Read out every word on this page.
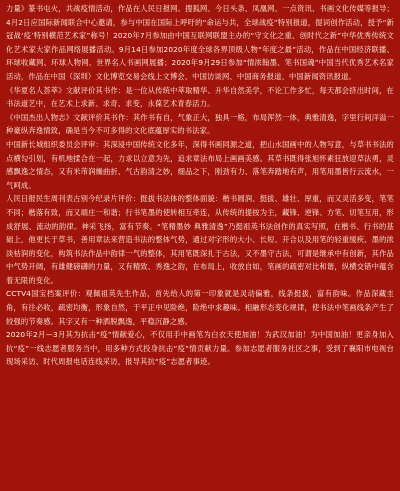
力量》篆书屯火，共战疫情活动，作品在人民日报网、搜狐网、今日头条、凤凰网、一点资讯、书画文化传媒等报导；4月2日应国际新闻联合中心邀请，参与中国在国际上呼吁的“命运与共，全球战疫”特别报道，提词创作活动，授予“新冠战‘疫’特别横范艺术家”称号！2020年7月参加由中国互联网联盟主办的“守文化之重、创时代之新”中华优秀传统文化艺术家大家作品网络展播活动。9月14日参加2020年度全球各界顶级人物“年度之最”活动，作品在中国经济联播、环球收藏网、环球人物网、世界名人书画网展播；2020年9月29日参加“情浓翰墨、笔书国魂”中国当代优秀艺术名家活动，作品在中国（深圳）文化博览交易会线上文博会、中国访谈网、中国商务报道、中国新闻资讯报道。

《华夏名人荟萃》文献评价其书作：是一位从传统中萃取精华、升华自然美学，不论工作多忙，每天都会挤出时间，在书法道艺中，在艺术上求新、求奇、求变，永葆艺术青春活力。

《中国杰出人物志》文献评价其书作：其作书有自，气象正大，独具一格，布局浑然一体，典雅清逸，字里行间洋溢一种豪纵奔逸情致，确是当今不可多得的文化底蕴厚实的书法家。

中国新长城组织委员会评审：其深浸中国传统文化多年，深得书画同源之道，把山水国画中的人物写意，与草书书法的点横勾引划，有机地揉合在一起，力求以立意为先，追求章法布局上画画美感。其草书既得张旭怀素狂放迎草法勇，灵感飘逸之情态，又有米芾润燥曲折、气古韵清之妙，细品之下，刚劲有力、落笔奔踏地有声，用笔用墨皆行云流水，一气呵成。

人民日报民生周刊表古别今纪录片评价：挺拔书法体的整体面貌：楷书圆润、挺拔、雄壮、厚重，而又灵活多变，笔笔不同；楷落有致，而又端庄一和谐；行书笔墨的使转相互牵连，从传统的提按为主，藏锋、逆锋、方笔、切笔互用，形成舒展、流动的韵律。神采飞扬，富有节奏。“笔精墨妙 典雅清逸”乃挺祖英书法创作的真实写照，在楷书、行书的基础上，他更长于草书，善用章法来营造书法的整体气势，通过对字形的大小、长短、开合以及用笔的轻重缓疾、墨的浓淡枯润的变化，构筑书法作品中韵律一气的整体，其用笔既深扎于古法，又不墨守古法，可谓是继承中有创新，其作品中气势开阔，有雄健磅礴的力量，又有精致、秀逸之韵，在布局上，收放自如，笔画的疏密对比和谐，纵横交错中蕴含着无限的变化。

CCTV4国宝档案评价：观佩祖英先生作品，首先给人的第一印象就是灵动偏雅，线条挺拔，富有韵味。作品深藏圭角，有往必收，疏密均衡，形象自然，于平正中见险绝，险绝中求趣味。相融形态变化规律，使书法中笔画线条产生了较强的节奏感。其字又有一种洒脱飘逸，平稳沉静之感。

2020年2月—3月其为抗击“疫”情献爱心，不仅用手中画笔为白衣天使加油！为武汉加油！为中国加油！更亲身加入抗“疫”一线志愿者服务当中，用多种方式投身抗击“疫”情贡献力量。参加志愿者服务社区之事，受到了襄阳市电视台现场采访、时代周报电话连线采访，报导其抗“疫”志愿者事迹。
